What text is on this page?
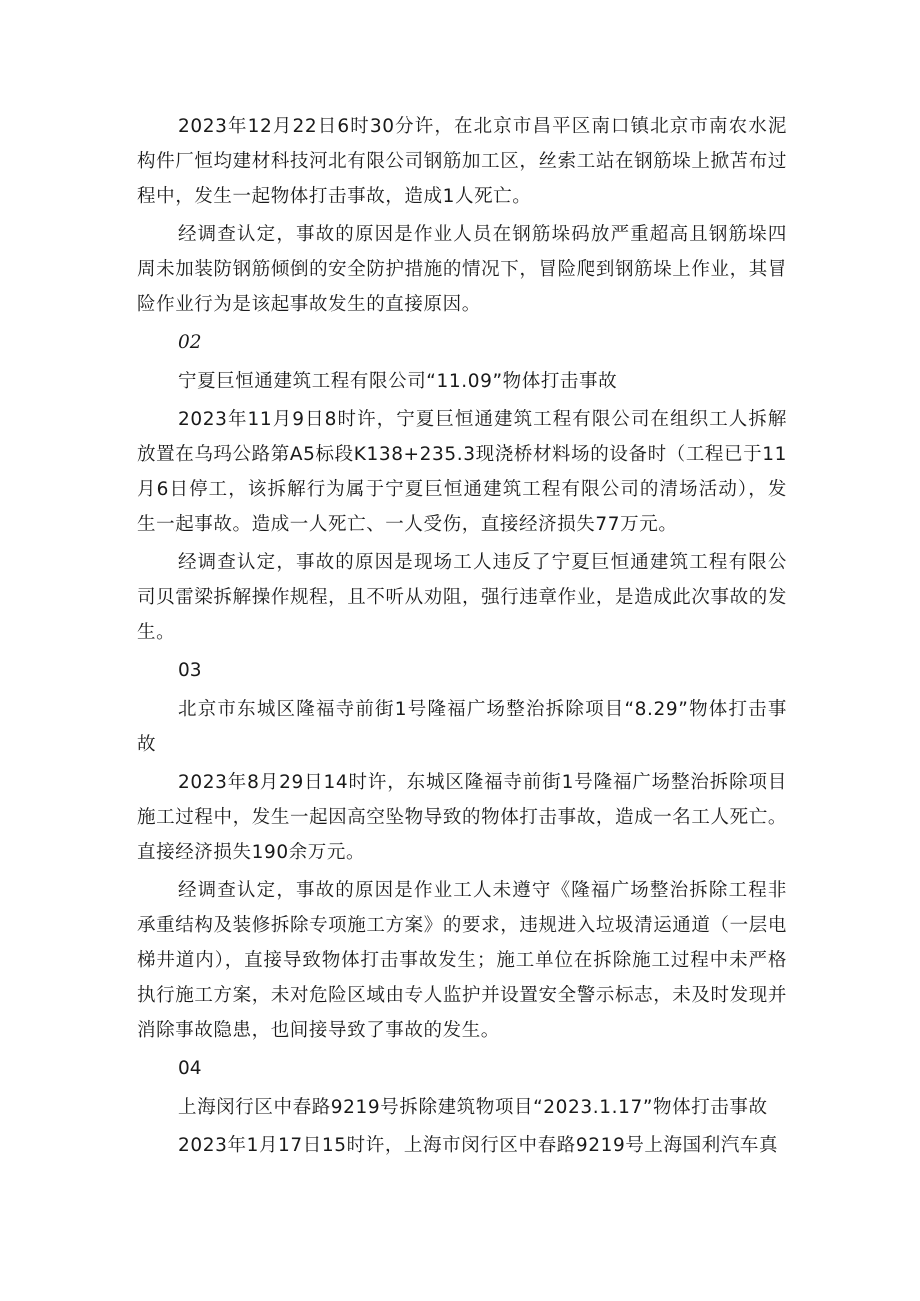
2023年12月22日6时30分许，在北京市昌平区南口镇北京市南农水泥构件厂恒均建材科技河北有限公司钢筋加工区，丝索工站在钢筋垛上掀苫布过程中，发生一起物体打击事故，造成1人死亡。

经调查认定，事故的原因是作业人员在钢筋垛码放严重超高且钢筋垛四周未加装防钢筋倾倒的安全防护措施的情况下，冒险爬到钢筋垛上作业，其冒险作业行为是该起事故发生的直接原因。

02

宁夏巨恒通建筑工程有限公司“11.09”物体打击事故

2023年11月9日8时许，宁夏巨恒通建筑工程有限公司在组织工人拆解放置在乌玛公路第A5标段K138+235.3现浇桥材料场的设备时（工程已于11月6日停工，该拆解行为属于宁夏巨恒通建筑工程有限公司的清场活动），发生一起事故。造成一人死亡、一人受伤，直接经济损失77万元。

经调查认定，事故的原因是现场工人违反了宁夏巨恒通建筑工程有限公司贝雷梁拆解操作规程，且不听从劝阻，强行违章作业，是造成此次事故的发生。

03

北京市东城区隆福寺前街1号隆福广场整治拆除项目“8.29”物体打击事故

2023年8月29日14时许，东城区隆福寺前街1号隆福广场整治拆除项目施工过程中，发生一起因高空坠物导致的物体打击事故，造成一名工人死亡。直接经济损失190余万元。

经调查认定，事故的原因是作业工人未遵守《隆福广场整治拆除工程非承重结构及装修拆除专项施工方案》的要求，违规进入垃圾清运通道（一层电梯井道内），直接导致物体打击事故发生；施工单位在拆除施工过程中未严格执行施工方案，未对危险区域由专人监护并设置安全警示标志，未及时发现并消除事故隐患，也间接导致了事故的发生。

04

上海闵行区中春路9219号拆除建筑物项目“2023.1.17”物体打击事故

2023年1月17日15时许，上海市闵行区中春路9219号上海国利汽车真
